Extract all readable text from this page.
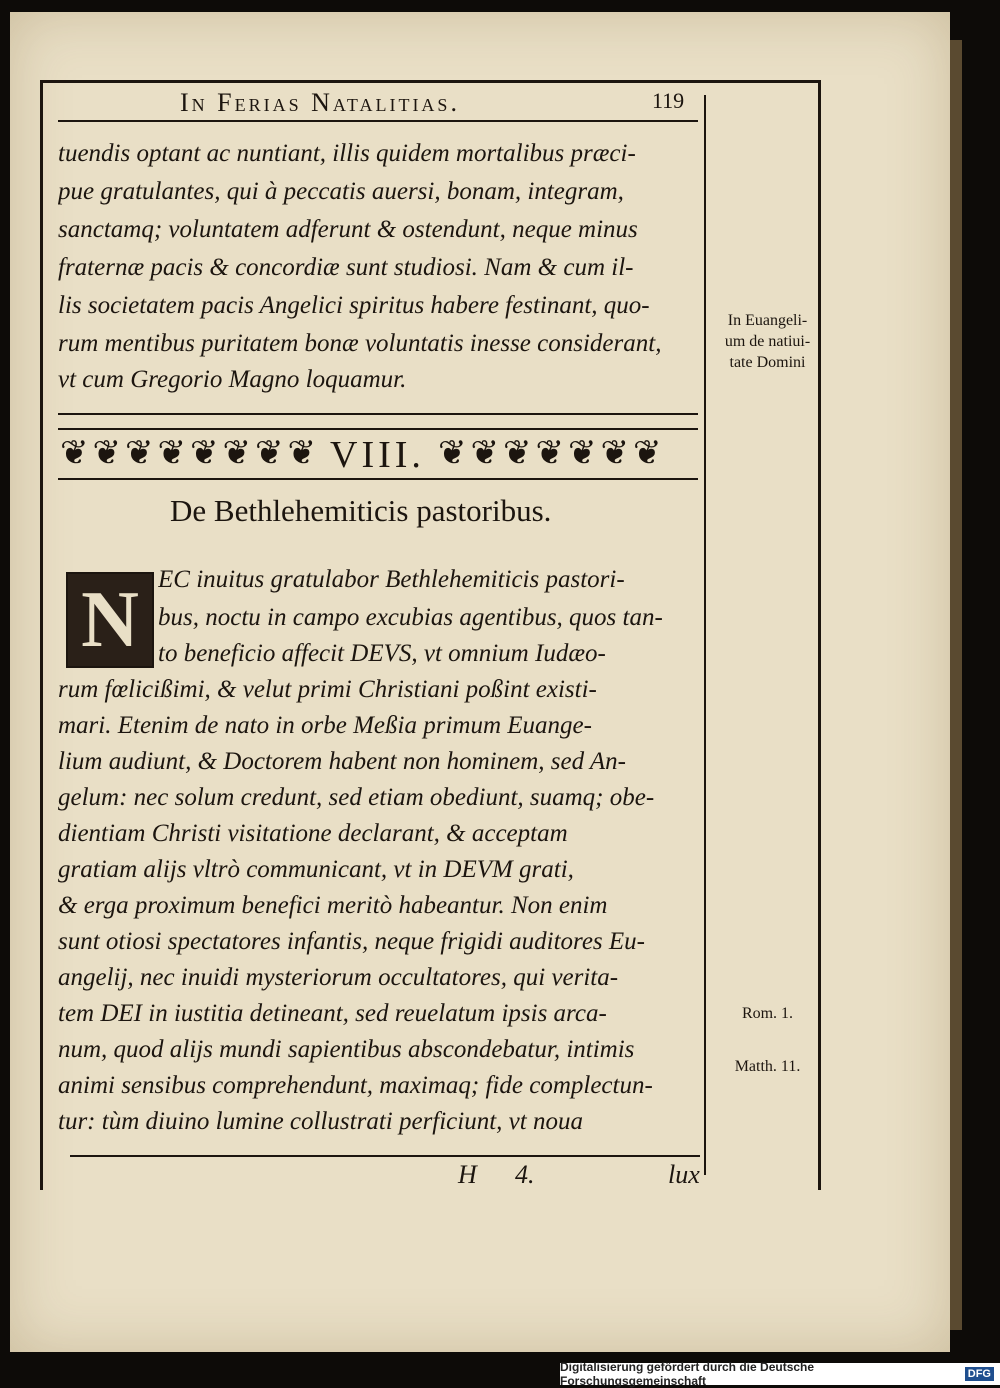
In Ferias Natalitias.	119
tuendis optant ac nuntiant, illis quidem mortalibus præci-
pue gratulantes, qui à peccatis auersi, bonam, integram,
sanctamq; voluntatem adferunt & ostendunt, neque minus
fraternæ pacis & concordiæ sunt studiosi. Nam & cum il-
lis societatem pacis Angelici spiritus habere festinant, quo-
rum mentibus puritatem bonæ voluntatis inesse considerant,
vt cum Gregorio Magno loquamur.
In Euangeli-
um de natiui-
tate Domini
❦ ❦ ❦ ❦ ❦ ❦ ❦ ❦ VIII. ❦ ❦ ❦ ❦ ❦ ❦ ❦
De Bethlehemiticis pastoribus.
N EC inuitus gratulabor Bethlehemiticis pastori-
bus, noctu in campo excubias agentibus, quos tan-
to beneficio affecit DEVS, vt omnium Iudæo-
rum fœlicißimi, & velut primi Christiani poßint existi-
mari. Etenim de nato in orbe Meßia primum Euange-
lium audiunt, & Doctorem habent non hominem, sed An-
gelum: nec solum credunt, sed etiam obediunt, suamq; obe-
dientiam Christi visitatione declarant, & acceptam
gratiam alijs vltrò communicant, vt in DEVM grati,
& erga proximum benefici meritò habeantur. Non enim
sunt otiosi spectatores infantis, neque frigidi auditores Eu-
angelij, nec inuidi mysteriorum occultatores, qui verita-
tem DEI in iustitia detineant, sed reuelatum ipsis arca-
num, quod alijs mundi sapientibus abscondebatur, intimis
animi sensibus comprehendunt, maximaq; fide complectun-
tur: tùm diuino lumine collustrati perficiunt, vt noua
Rom. 1.
Matth. 11.
H 4.	lux
Digitalisierung gefördert durch die Deutsche Forschungsgemeinschaft	DFG
